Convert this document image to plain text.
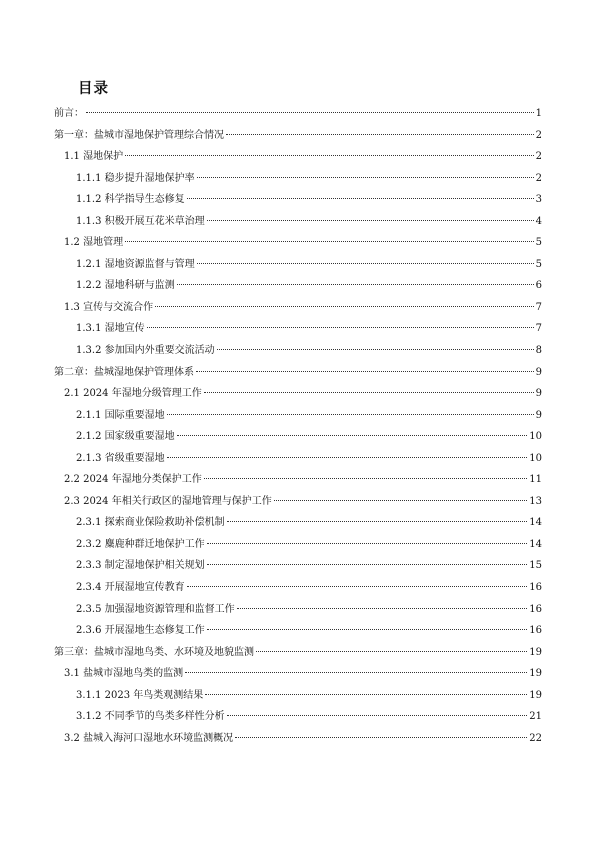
目录
前言：	1
第一章：盐城市湿地保护管理综合情况	2
1.1 湿地保护	2
1.1.1 稳步提升湿地保护率	2
1.1.2 科学指导生态修复	3
1.1.3 积极开展互花米草治理	4
1.2 湿地管理	5
1.2.1 湿地资源监督与管理	5
1.2.2 湿地科研与监测	6
1.3 宣传与交流合作	7
1.3.1 湿地宣传	7
1.3.2 参加国内外重要交流活动	8
第二章：盐城湿地保护管理体系	9
2.1 2024 年湿地分级管理工作	9
2.1.1 国际重要湿地	9
2.1.2 国家级重要湿地	10
2.1.3 省级重要湿地	10
2.2 2024 年湿地分类保护工作	11
2.3 2024 年相关行政区的湿地管理与保护工作	13
2.3.1 探索商业保险救助补偿机制	14
2.3.2 麋鹿种群迁地保护工作	14
2.3.3 制定湿地保护相关规划	15
2.3.4 开展湿地宣传教育	16
2.3.5 加强湿地资源管理和监督工作	16
2.3.6 开展湿地生态修复工作	16
第三章：盐城市湿地鸟类、水环境及地貌监测	19
3.1 盐城市湿地鸟类的监测	19
3.1.1 2023 年鸟类观测结果	19
3.1.2 不同季节的鸟类多样性分析	21
3.2 盐城入海河口湿地水环境监测概况	22
